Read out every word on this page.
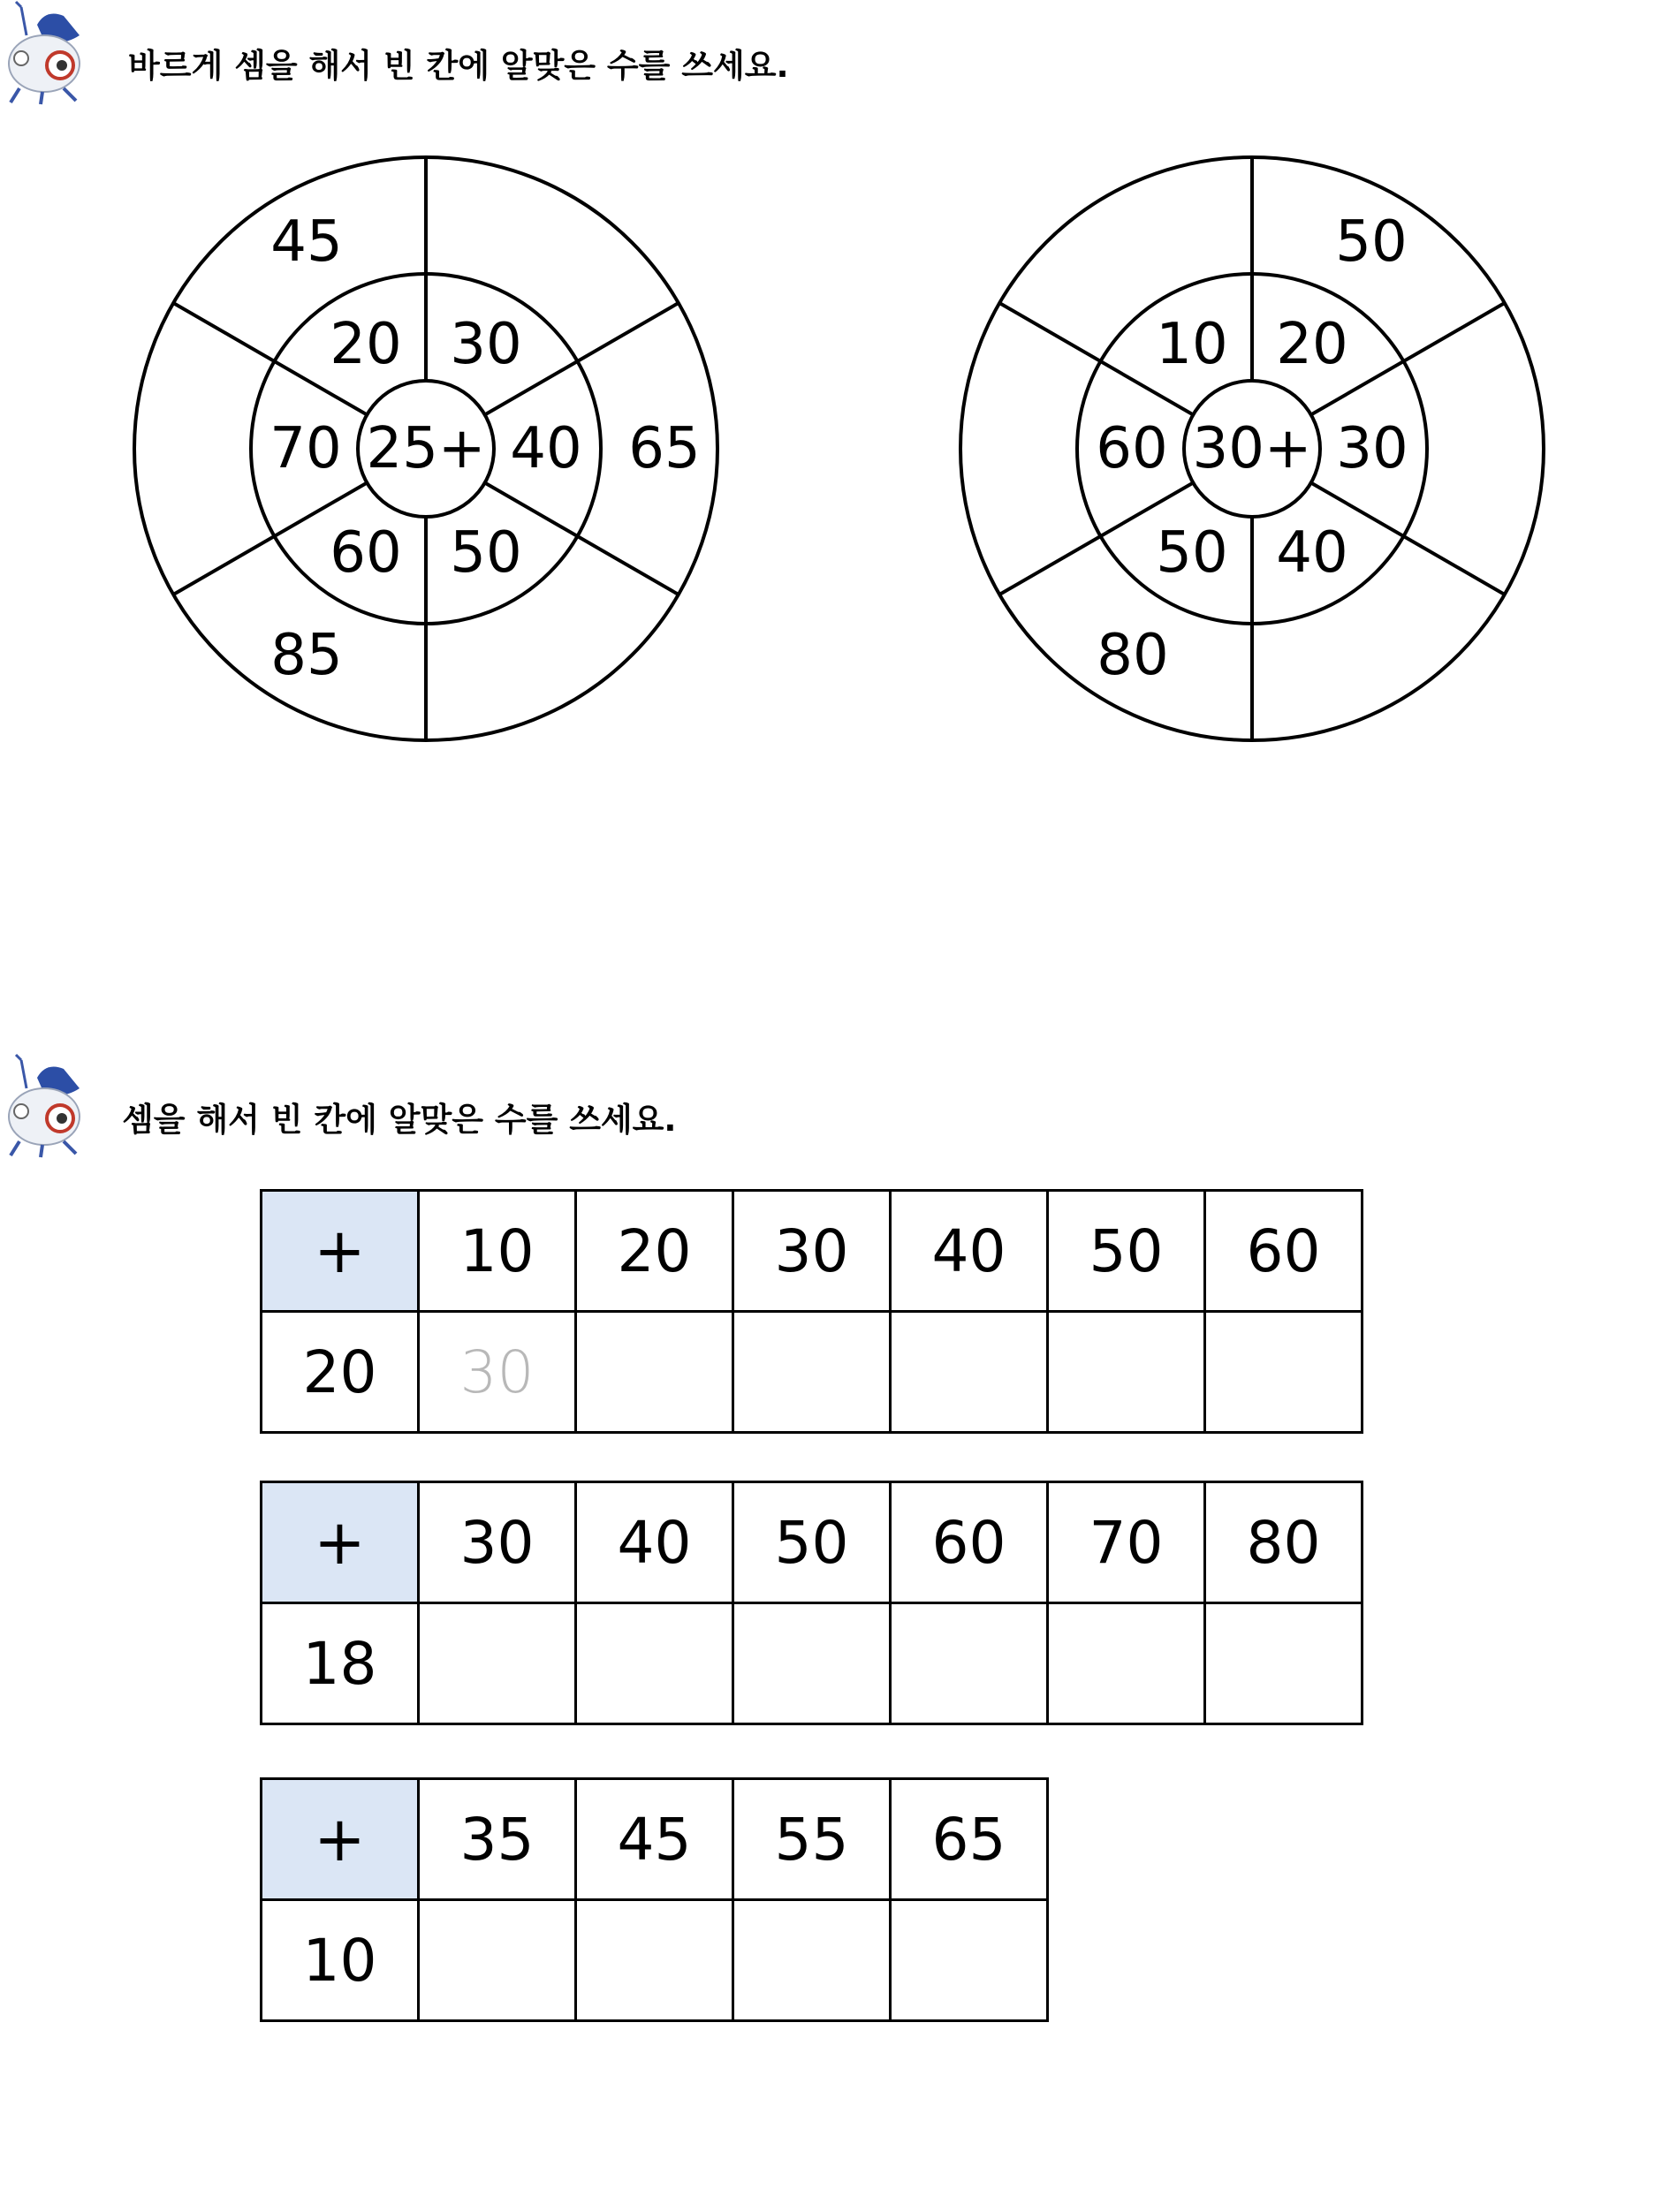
바르게 셈을 해서 빈 칸에 알맞은 수를 쓰세요.
25+
30
40
50
60
70
20
65
85
45
30+
20
30
40
50
60
10
50
80
셈을 해서 빈 칸에 알맞은 수를 쓰세요.
+	10	20	30	40	50	60
20	30					
+	30	40	50	60	70	80
18						
+	35	45	55	65
10				
